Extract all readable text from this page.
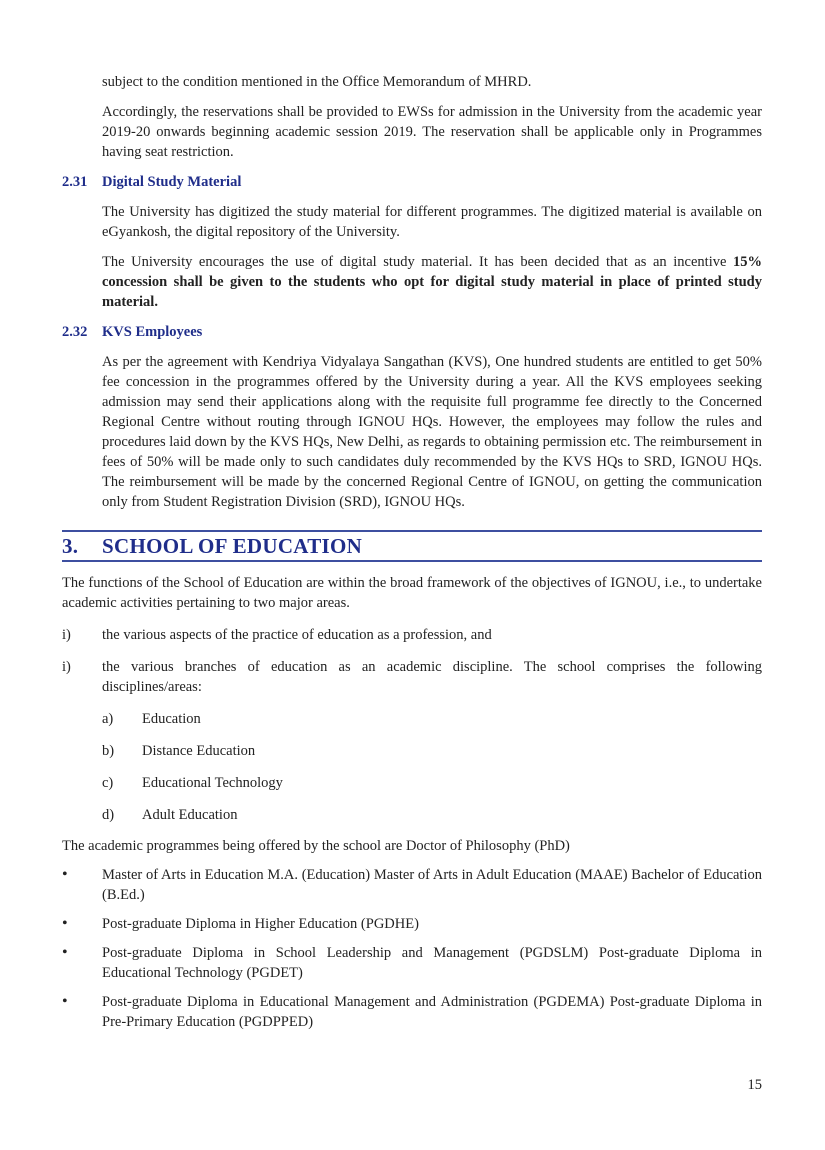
subject to the condition mentioned in the Office Memorandum of MHRD.

Accordingly, the reservations shall be provided to EWSs for admission in the University from the academic year 2019-20 onwards beginning academic session 2019. The reservation shall be applicable only in Programmes having seat restriction.

2.31	Digital Study Material

The University has digitized the study material for different programmes. The digitized material is available on eGyankosh, the digital repository of the University.

The University encourages the use of digital study material. It has been decided that as an incentive 15% concession shall be given to the students who opt for digital study material in place of printed study material.

2.32	KVS Employees

As per the agreement with Kendriya Vidyalaya Sangathan (KVS), One hundred students are entitled to get 50% fee concession in the programmes offered by the University during a year. All the KVS employees seeking admission may send their applications along with the requisite full programme fee directly to the Concerned Regional Centre without routing through IGNOU HQs. However, the employees may follow the rules and procedures laid down by the KVS HQs, New Delhi, as regards to obtaining permission etc. The reimbursement in fees of 50% will be made only to such candidates duly recommended by the KVS HQs to SRD, IGNOU HQs. The reimbursement will be made by the concerned Regional Centre of IGNOU, on getting the communication only from Student Registration Division (SRD), IGNOU HQs.

3.	SCHOOL OF EDUCATION

The functions of the School of Education are within the broad framework of the objectives of IGNOU, i.e., to undertake academic activities pertaining to two major areas.

i)	the various aspects of the practice of education as a profession, and
i)	the various branches of education as an academic discipline. The school comprises the following disciplines/areas:
a)	Education
b)	Distance Education
c)	Educational Technology
d)	Adult Education

The academic programmes being offered by the school are Doctor of Philosophy (PhD)

•	Master of Arts in Education M.A. (Education) Master of Arts in Adult Education (MAAE) Bachelor of Education (B.Ed.)
•	Post-graduate Diploma in Higher Education (PGDHE)
•	Post-graduate Diploma in School Leadership and Management (PGDSLM) Post-graduate Diploma in Educational Technology (PGDET)
•	Post-graduate Diploma in Educational Management and Administration (PGDEMA) Post-graduate Diploma in Pre-Primary Education (PGDPPED)
15
